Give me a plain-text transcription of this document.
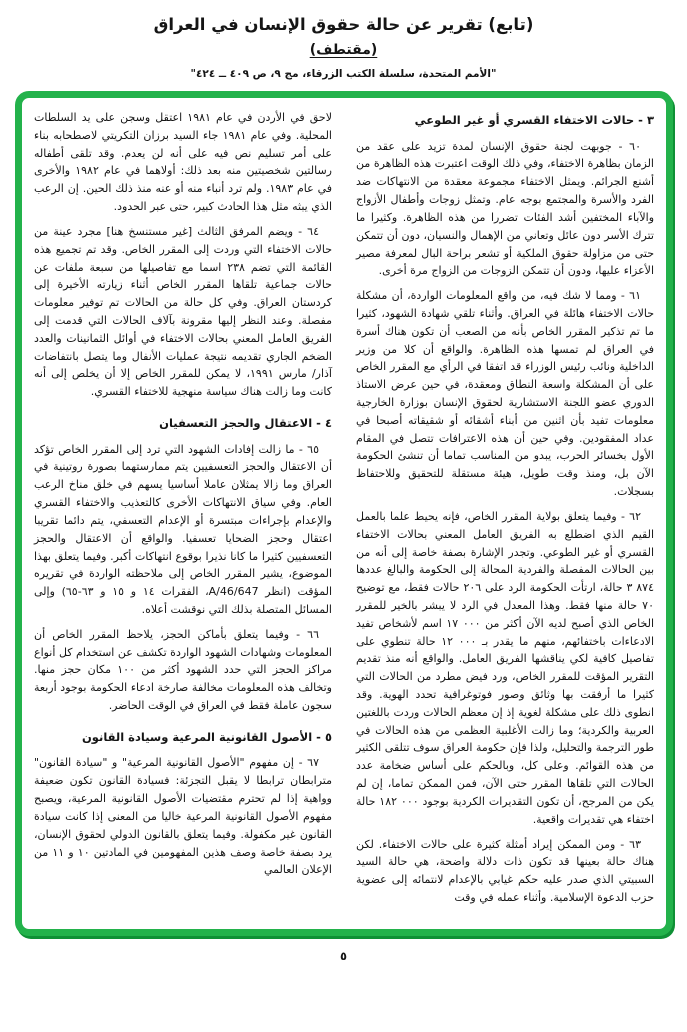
(تابع) تقرير عن حالة حقوق الإنسان في العراق
(مقتطف)
"الأمم المتحدة، سلسلة الكتب الزرقاء، مج ٩، ص ٤٠٩ ــ ٤٢٤"
٣ - حالات الاختفاء القسري أو غير الطوعي

٦٠ - جوبهت لجنة حقوق الإنسان لمدة تزيد على عقد من الزمان بظاهرة الاختفاء، وفي ذلك الوقت اعتبرت هذه الظاهرة من أشنع الجرائم. ويمثل الاختفاء مجموعة معقدة من الانتهاكات ضد الفرد والأسرة والمجتمع بوجه عام. وتمثل زوجات وأطفال الأزواج والآباء المختفين أشد الفئات تضررا من هذه الظاهرة. وكثيرا ما تترك الأسر دون عائل وتعاني من الإهمال والنسيان، دون أن تتمكن حتى من مزاولة حقوق الملكية أو تشعر براحة البال لمعرفة مصير الأعزاء عليها، ودون أن تتمكن الزوجات من الزواج مرة أخرى.

٦١ - ومما لا شك فيه، من واقع المعلومات الواردة، أن مشكلة حالات الاختفاء هائلة في العراق. وأثناء تلقي شهادة الشهود، كثيرا ما تم تذكير المقرر الخاص بأنه من الصعب أن تكون هناك أسرة في العراق لم تمسها هذه الظاهرة. والواقع أن كلا من وزير الداخلية ونائب رئيس الوزراء قد اتفقا في الرأي مع المقرر الخاص على أن المشكلة واسعة النطاق ومعقدة، في حين عرض الاستاذ الدوري عضو اللجنة الاستشارية لحقوق الإنسان بوزارة الخارجية معلومات تفيد بأن اثنين من أبناء أشقائه أو شقيقاته أصبحا في عداد المفقودين. وفي حين أن هذه الاعترافات تتصل في المقام الأول بخسائر الحرب، يبدو من المناسب تماما أن تنشئ الحكومة الآن بل، ومنذ وقت طويل، هيئة مستقلة للتحقيق وللاحتفاظ بسجلات.

٦٢ - وفيما يتعلق بولاية المقرر الخاص، فإنه يحيط علما بالعمل القيم الذي اضطلع به الفريق العامل المعني بحالات الاختفاء القسري أو غير الطوعي. وتجدر الإشارة بصفة خاصة إلى أنه من بين الحالات المفصلة والفردية المحالة إلى الحكومة والبالغ عددها ٣ ٨٧٤ حالة، ارتأت الحكومة الرد على ٢٠٦ حالات فقط، مع توضيح ٧٠ حالة منها فقط. وهذا المعدل في الرد لا يبشر بالخير للمقرر الخاص الذي أصبح لديه الآن أكثر من ١٧ ٠٠٠ اسم لأشخاص تفيد الادعاءات باختفائهم، منهم ما يقدر بـ ١٢ ٠٠٠ حالة تنطوي على تفاصيل كافية لكي يناقشها الفريق العامل. والواقع أنه منذ تقديم التقرير المؤقت للمقرر الخاص، ورد فيض مطرد من الحالات التي كثيرا ما أرفقت بها وثائق وصور فوتوغرافية تحدد الهوية. وقد انطوى ذلك على مشكلة لغوية إذ إن معظم الحالات وردت باللغتين العربية والكردية؛ وما زالت الأغلبية العظمى من هذه الحالات في طور الترجمة والتحليل، ولذا فإن حكومة العراق سوف تتلقى الكثير من هذه القوائم. وعلى كل، وبالحكم على أساس ضخامة عدد الحالات التي تلقاها المقرر حتى الآن، فمن الممكن تماما، إن لم يكن من المرجح، أن تكون التقديرات الكردية بوجود ١٨٢ ٠٠٠ حالة اختفاء هي تقديرات واقعية.

٦٣ - ومن الممكن إيراد أمثلة كثيرة على حالات الاختفاء. لكن هناك حالة بعينها قد تكون ذات دلالة واضحة، هي حالة السيد السبيتي الذي صدر عليه حكم غيابي بالإعدام لانتمائه إلى عضوية حزب الدعوة الإسلامية. وأثناء عمله في وقت

لاحق في الأردن في عام ١٩٨١ اعتقل وسجن على يد السلطات المحلية. وفي عام ١٩٨١ جاء السيد برزان التكريتي لاصطحابه بناء على أمر تسليم نص فيه على أنه لن يعدم. وقد تلقى أطفاله رسالتين شخصيتين منه بعد ذلك: أولاهما في عام ١٩٨٢ والأخرى في عام ١٩٨٣. ولم ترد أنباء منه أو عنه منذ ذلك الحين. إن الرعب الذي يبثه مثل هذا الحادث كبير، حتى عبر الحدود.

٦٤ - ويضم المرفق الثالث [غير مستنسخ هنا] مجرد عينة من حالات الاختفاء التي وردت إلى المقرر الخاص. وقد تم تجميع هذه القائمة التي تضم ٢٣٨ اسما مع تفاصيلها من سبعة ملفات عن حالات جماعية تلقاها المقرر الخاص أثناء زيارته الأخيرة إلى كردستان العراق. وفي كل حالة من الحالات تم توفير معلومات مفصلة. وعند النظر إليها مقرونة بآلاف الحالات التي قدمت إلى الفريق العامل المعني بحالات الاختفاء في أوائل الثمانينات والعدد الضخم الجاري تقديمه نتيجة عمليات الأنفال وما يتصل بانتفاضات آذار/ مارس ١٩٩١، لا يمكن للمقرر الخاص إلا أن يخلص إلى أنه كانت وما زالت هناك سياسة منهجية للاختفاء القسري.

٤ - الاعتقال والحجز التعسفيان

٦٥ - ما زالت إفادات الشهود التي ترد إلى المقرر الخاص تؤكد أن الاعتقال والحجز التعسفيين يتم ممارستهما بصورة روتينية في العراق وما زالا يمثلان عاملا أساسيا يسهم في خلق مناخ الرعب العام. وفي سياق الانتهاكات الأخرى كالتعذيب والاختفاء القسري والإعدام بإجراءات مبتسرة أو الإعدام التعسفي، يتم دائما تقريبا اعتقال وحجز الضحايا تعسفيا. والواقع أن الاعتقال والحجز التعسفيين كثيرا ما كانا نذيرا بوقوع انتهاكات أكبر. وفيما يتعلق بهذا الموضوع، يشير المقرر الخاص إلى ملاحظته الواردة في تقريره المؤقت (انظر A/46/647، الفقرات ١٤ و ١٥ و ٦٣-٦٥) وإلى المسائل المتصلة بذلك التي نوقشت أعلاه.

٦٦ - وفيما يتعلق بأماكن الحجز، يلاحظ المقرر الخاص أن المعلومات وشهادات الشهود الواردة تكشف عن استخدام كل أنواع مراكز الحجز التي حدد الشهود أكثر من ١٠٠ مكان حجز منها. وتخالف هذه المعلومات مخالفة صارخة ادعاء الحكومة بوجود أربعة سجون عاملة فقط في العراق في الوقت الحاضر.

٥ - الأصول القانونية المرعية وسيادة القانون

٦٧ - إن مفهوم "الأصول القانونية المرعية" و "سيادة القانون" مترابطان ترابطا لا يقبل التجزئة: فسيادة القانون تكون ضعيفة وواهية إذا لم تحترم مقتضيات الأصول القانونية المرعية، ويصبح مفهوم الأصول القانونية المرعية خاليا من المعنى إذا كانت سيادة القانون غير مكفولة. وفيما يتعلق بالقانون الدولي لحقوق الإنسان، يرد بصفة خاصة وصف هذين المفهومين في المادتين ١٠ و ١١ من الإعلان العالمي

٥
